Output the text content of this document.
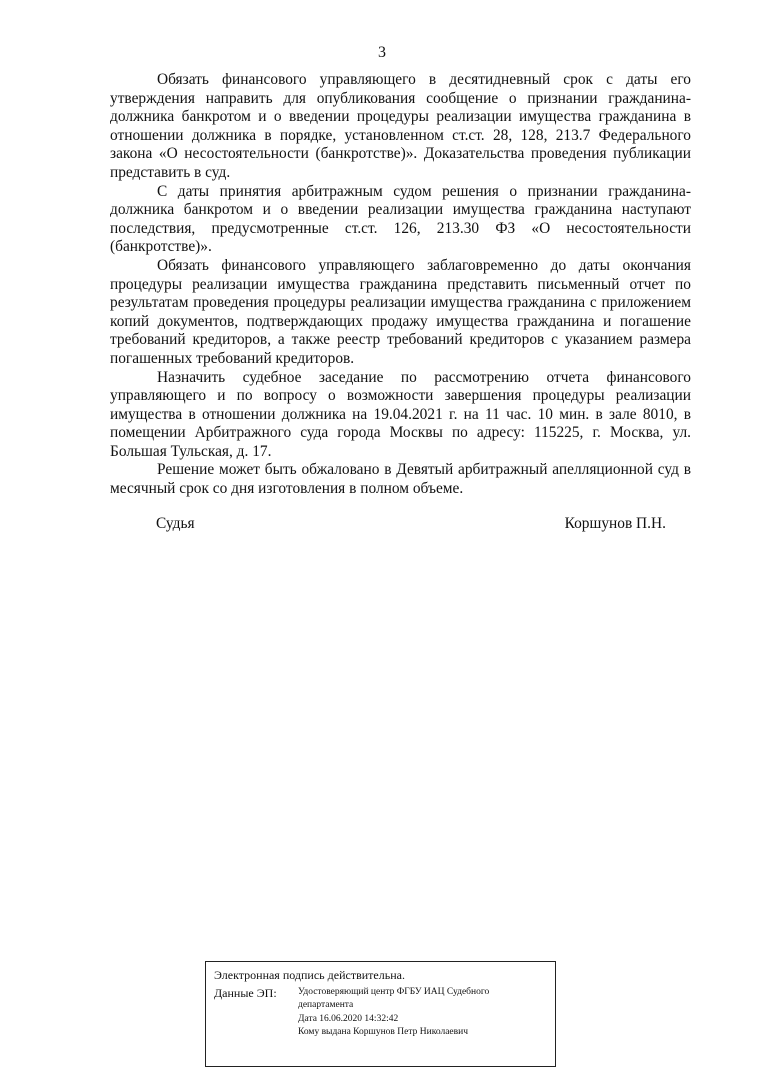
3

Обязать финансового управляющего в десятидневный срок с даты его утверждения направить для опубликования сообщение о признании гражданина-должника банкротом и о введении процедуры реализации имущества гражданина в отношении должника в порядке, установленном ст.ст. 28, 128, 213.7 Федерального закона «О несостоятельности (банкротстве)». Доказательства проведения публикации представить в суд.

С даты принятия арбитражным судом решения о признании гражданина-должника банкротом и о введении реализации имущества гражданина наступают последствия, предусмотренные ст.ст. 126, 213.30 ФЗ «О несостоятельности (банкротстве)».

Обязать финансового управляющего заблаговременно до даты окончания процедуры реализации имущества гражданина представить письменный отчет по результатам проведения процедуры реализации имущества гражданина с приложением копий документов, подтверждающих продажу имущества гражданина и погашение требований кредиторов, а также реестр требований кредиторов с указанием размера погашенных требований кредиторов.

Назначить судебное заседание по рассмотрению отчета финансового управляющего и по вопросу о возможности завершения процедуры реализации имущества в отношении должника на 19.04.2021 г. на 11 час. 10 мин. в зале 8010, в помещении Арбитражного суда города Москвы по адресу: 115225, г. Москва, ул. Большая Тульская, д. 17.

Решение может быть обжаловано в Девятый арбитражный апелляционной суд в месячный срок со дня изготовления в полном объеме.

Судья	Коршунов П.Н.
Электронная подпись действительна.
Данные ЭП:	Удостоверяющий центр ФГБУ ИАЦ Судебного
департамента
Дата 16.06.2020 14:32:42
Кому выдана Коршунов Петр Николаевич
